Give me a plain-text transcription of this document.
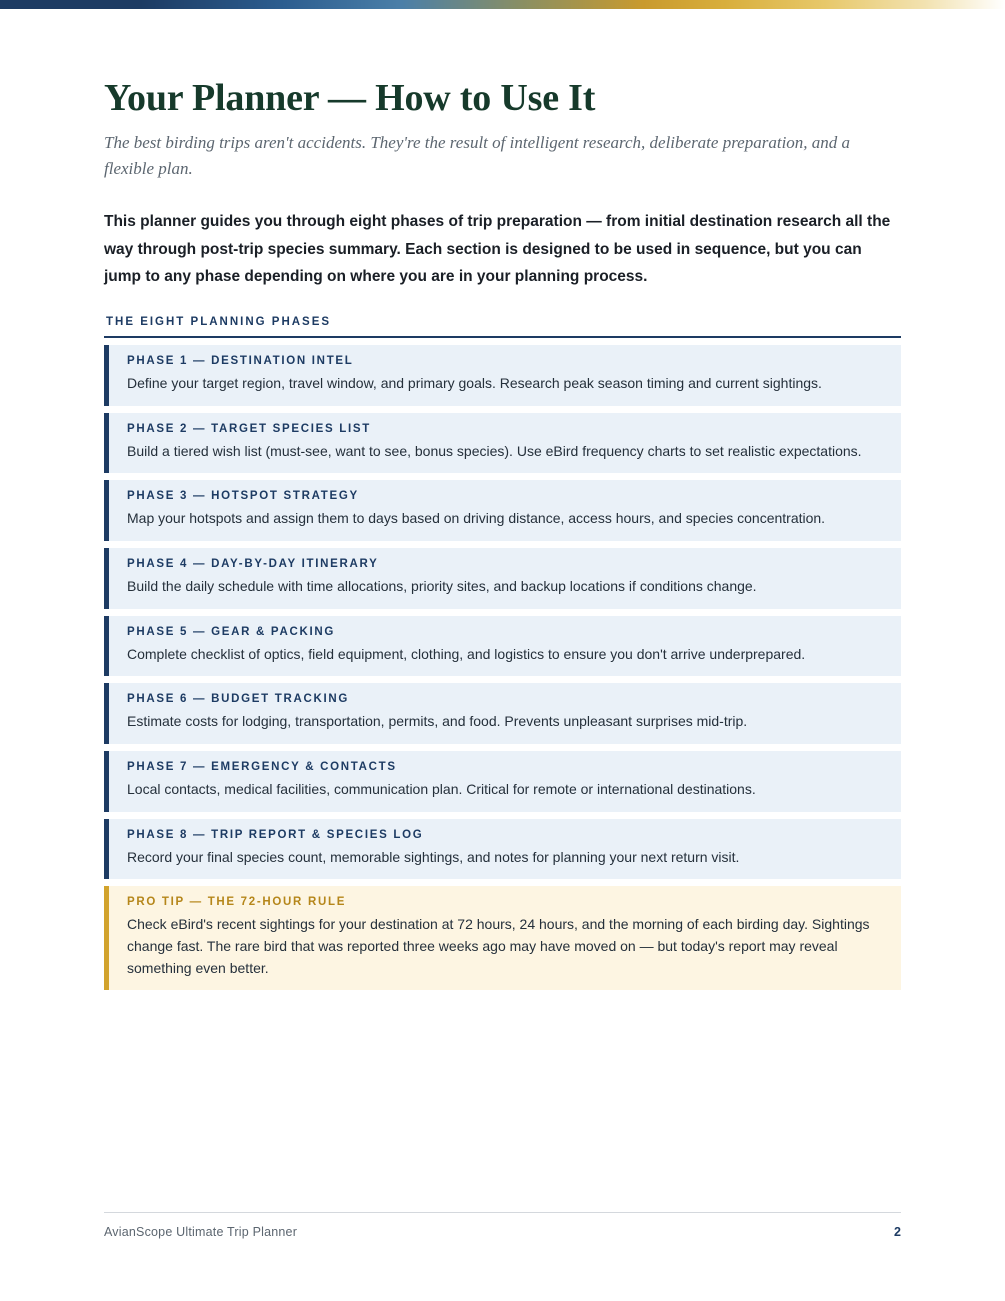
Your Planner — How to Use It

The best birding trips aren't accidents. They're the result of intelligent research, deliberate preparation, and a flexible plan.

This planner guides you through eight phases of trip preparation — from initial destination research all the way through post-trip species summary. Each section is designed to be used in sequence, but you can jump to any phase depending on where you are in your planning process.

THE EIGHT PLANNING PHASES
PHASE 1 — DESTINATION INTEL
Define your target region, travel window, and primary goals. Research peak season timing and current sightings.
PHASE 2 — TARGET SPECIES LIST
Build a tiered wish list (must-see, want to see, bonus species). Use eBird frequency charts to set realistic expectations.
PHASE 3 — HOTSPOT STRATEGY
Map your hotspots and assign them to days based on driving distance, access hours, and species concentration.
PHASE 4 — DAY-BY-DAY ITINERARY
Build the daily schedule with time allocations, priority sites, and backup locations if conditions change.
PHASE 5 — GEAR & PACKING
Complete checklist of optics, field equipment, clothing, and logistics to ensure you don't arrive underprepared.
PHASE 6 — BUDGET TRACKING
Estimate costs for lodging, transportation, permits, and food. Prevents unpleasant surprises mid-trip.
PHASE 7 — EMERGENCY & CONTACTS
Local contacts, medical facilities, communication plan. Critical for remote or international destinations.
PHASE 8 — TRIP REPORT & SPECIES LOG
Record your final species count, memorable sightings, and notes for planning your next return visit.
PRO TIP — THE 72-HOUR RULE
Check eBird's recent sightings for your destination at 72 hours, 24 hours, and the morning of each birding day. Sightings change fast. The rare bird that was reported three weeks ago may have moved on — but today's report may reveal something even better.
AvianScope Ultimate Trip Planner	2
